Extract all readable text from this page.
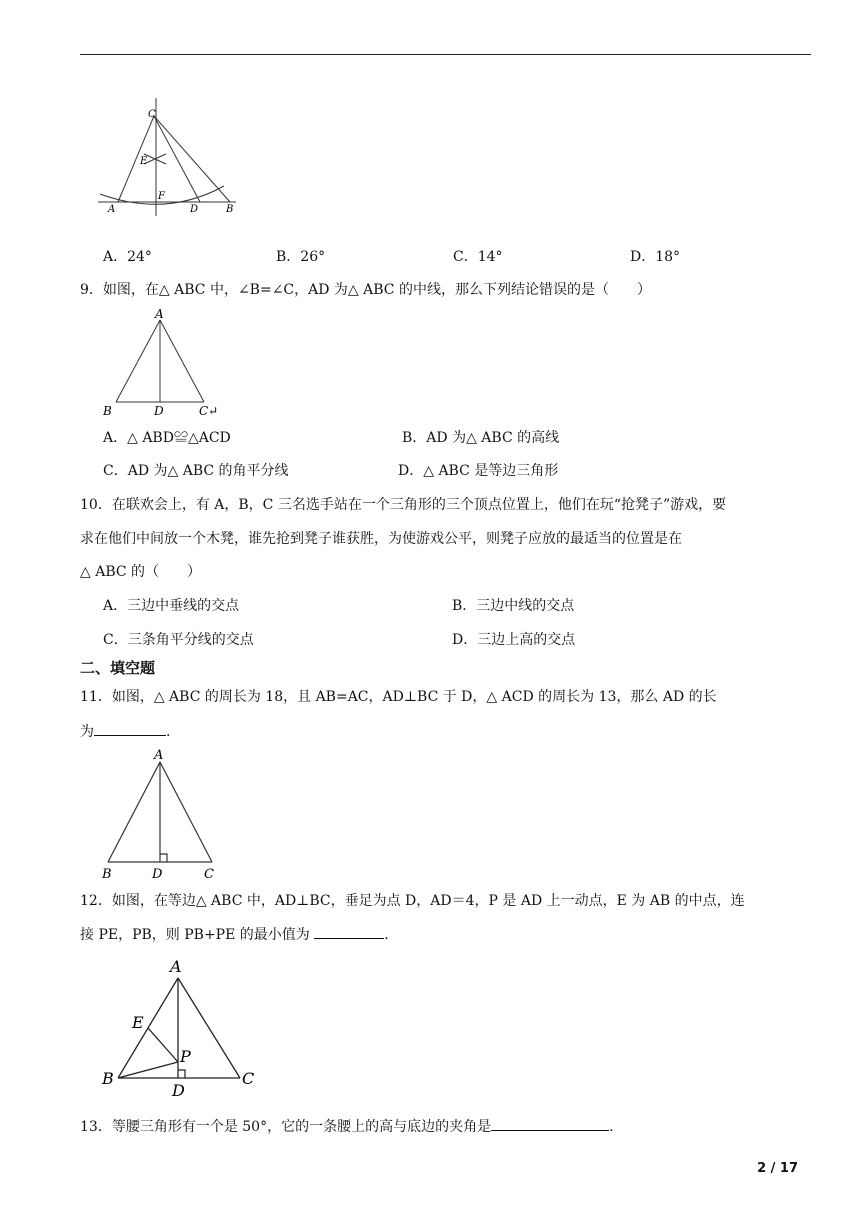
C
E
F
A	D	B
A．24°	B．26°	C．14°	D．18°
9．如图，在△ ABC 中，∠B=∠C，AD 为△ ABC 的中线，那么下列结论错误的是（　　）
A
B	D	C↵
A．△ ABD≌△ACD	B．AD 为△ ABC 的高线
C．AD 为△ ABC 的角平分线	D．△ ABC 是等边三角形
10．在联欢会上，有 A，B，C 三名选手站在一个三角形的三个顶点位置上，他们在玩“抢凳子”游戏，要
求在他们中间放一个木凳，谁先抢到凳子谁获胜，为使游戏公平，则凳子应放的最适当的位置是在
△ ABC 的（　　）
A．三边中垂线的交点	B．三边中线的交点
C．三条角平分线的交点	D．三边上高的交点
二、填空题
11．如图，△ ABC 的周长为 18，且 AB=AC，AD⊥BC 于 D，△ ACD 的周长为 13，那么 AD 的长
为	.
A
B	D	C
12．如图，在等边△ ABC 中，AD⊥BC，垂足为点 D，AD＝4，P 是 AD 上一动点，E 为 AB 的中点，连
接 PE，PB，则 PB+PE 的最小值为	.
A
E
P
B
D
C
13．等腰三角形有一个是 50°，它的一条腰上的高与底边的夹角是	.
2 / 17
